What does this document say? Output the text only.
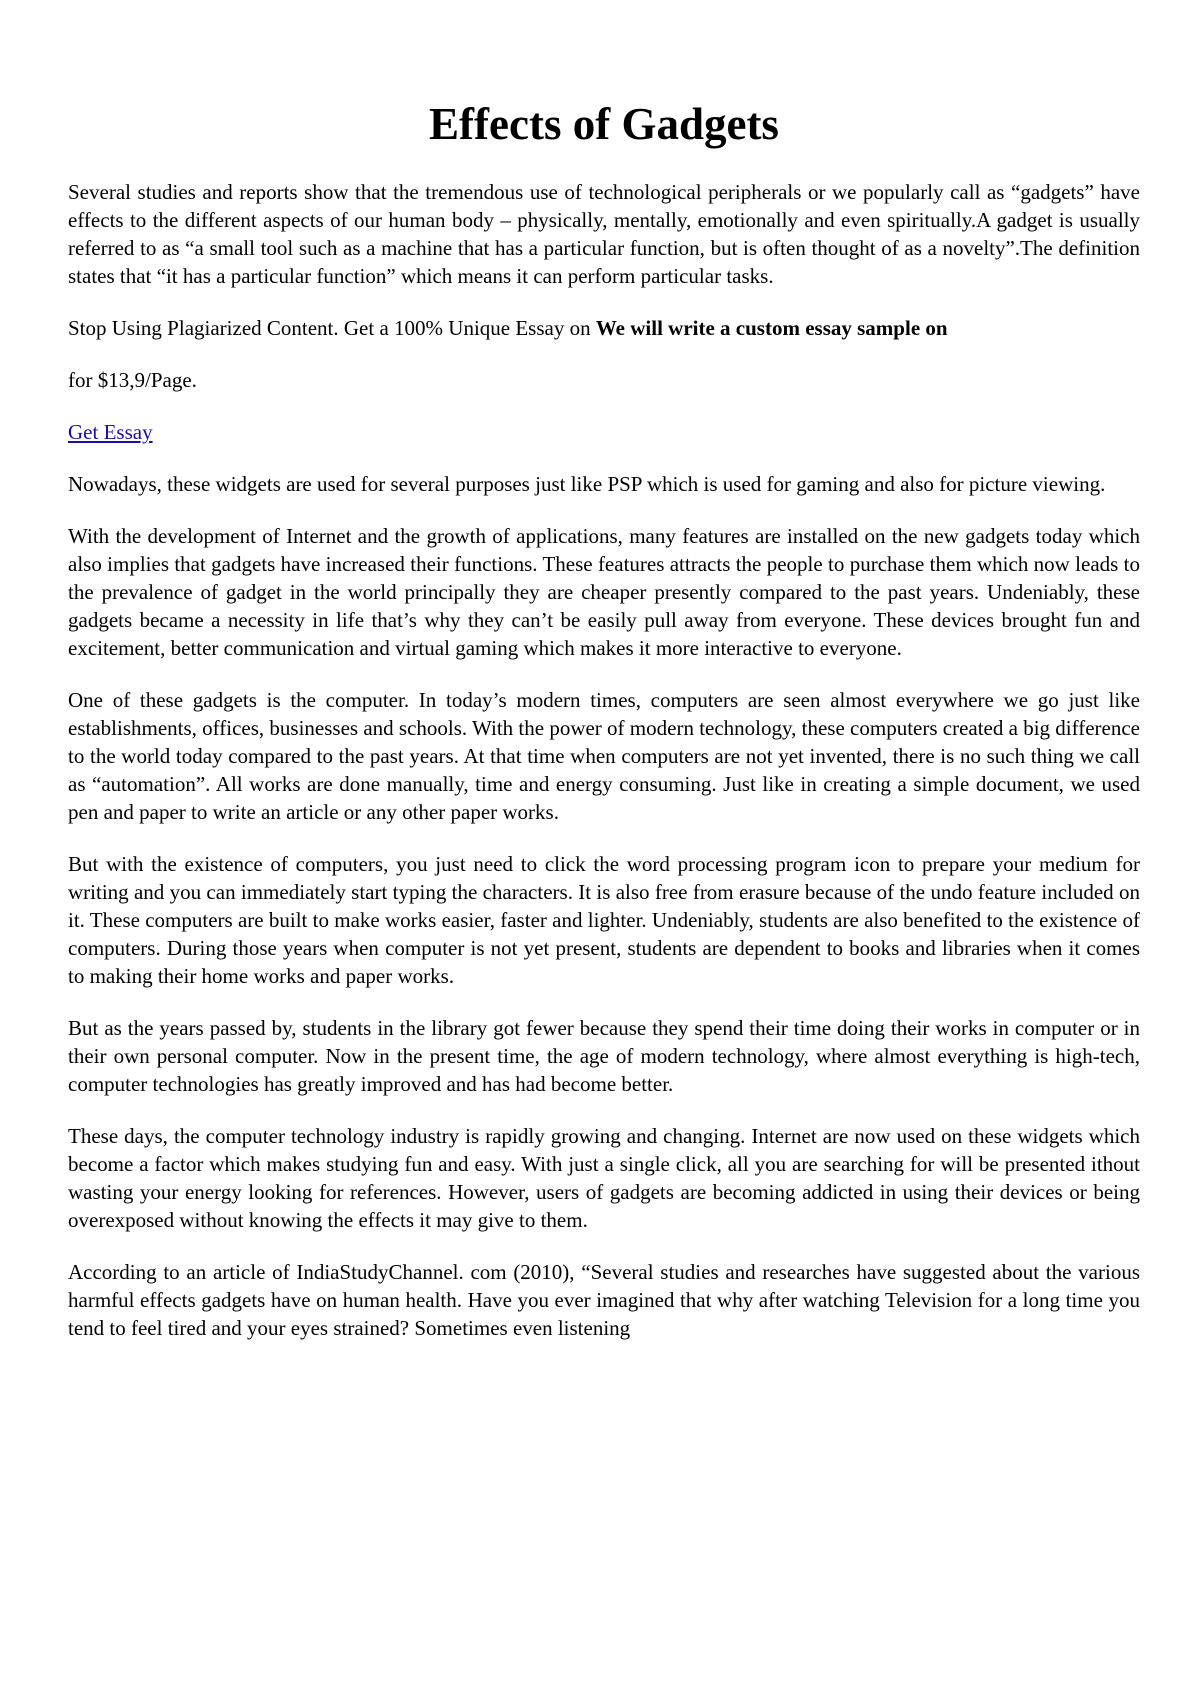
Effects of Gadgets

Several studies and reports show that the tremendous use of technological peripherals or we popularly call as “gadgets” have effects to the different aspects of our human body – physically, mentally, emotionally and even spiritually.A gadget is usually referred to as “a small tool such as a machine that has a particular function, but is often thought of as a novelty”.The definition states that “it has a particular function” which means it can perform particular tasks.

Stop Using Plagiarized Content. Get a 100% Unique Essay on We will write a custom essay sample on

for $13,9/Page.

Get Essay

Nowadays, these widgets are used for several purposes just like PSP which is used for gaming and also for picture viewing.

With the development of Internet and the growth of applications, many features are installed on the new gadgets today which also implies that gadgets have increased their functions. These features attracts the people to purchase them which now leads to the prevalence of gadget in the world principally they are cheaper presently compared to the past years. Undeniably, these gadgets became a necessity in life that’s why they can’t be easily pull away from everyone. These devices brought fun and excitement, better communication and virtual gaming which makes it more interactive to everyone.

One of these gadgets is the computer. In today’s modern times, computers are seen almost everywhere we go just like establishments, offices, businesses and schools. With the power of modern technology, these computers created a big difference to the world today compared to the past years. At that time when computers are not yet invented, there is no such thing we call as “automation”. All works are done manually, time and energy consuming. Just like in creating a simple document, we used pen and paper to write an article or any other paper works.

But with the existence of computers, you just need to click the word processing program icon to prepare your medium for writing and you can immediately start typing the characters. It is also free from erasure because of the undo feature included on it. These computers are built to make works easier, faster and lighter. Undeniably, students are also benefited to the existence of computers. During those years when computer is not yet present, students are dependent to books and libraries when it comes to making their home works and paper works.

But as the years passed by, students in the library got fewer because they spend their time doing their works in computer or in their own personal computer. Now in the present time, the age of modern technology, where almost everything is high-tech, computer technologies has greatly improved and has had become better.

These days, the computer technology industry is rapidly growing and changing. Internet are now used on these widgets which become a factor which makes studying fun and easy. With just a single click, all you are searching for will be presented ithout wasting your energy looking for references. However, users of gadgets are becoming addicted in using their devices or being overexposed without knowing the effects it may give to them.

According to an article of IndiaStudyChannel. com (2010), “Several studies and researches have suggested about the various harmful effects gadgets have on human health. Have you ever imagined that why after watching Television for a long time you tend to feel tired and your eyes strained? Sometimes even listening
